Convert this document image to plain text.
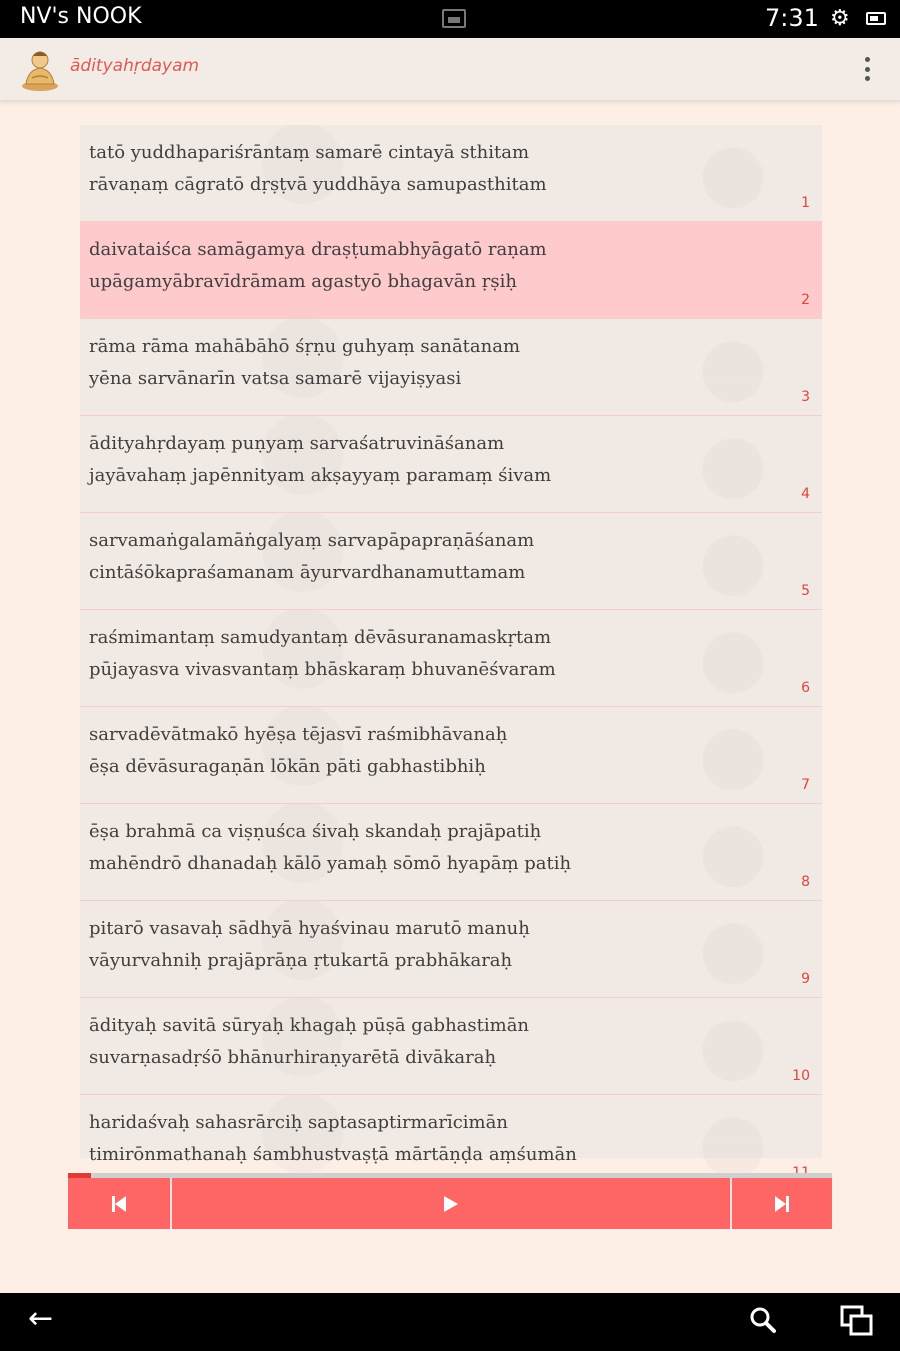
NV's NOOK	7:31 ⚙
ādityahṛdayam
tatō yuddhapariśrāntaṃ samarē cintayā sthitam
rāvaṇaṃ cāgratō dṛṣṭvā yuddhāya samupasthitam
1
daivataiśca samāgamya draṣṭumabhyāgatō raṇam
upāgamyābravīdrāmam agastyō bhagavān ṛṣiḥ
2
rāma rāma mahābāhō śṛṇu guhyaṃ sanātanam
yēna sarvānarīn vatsa samarē vijayiṣyasi
3
ādityahṛdayaṃ puṇyaṃ sarvaśatruvināśanam
jayāvahaṃ japēnnityam akṣayyaṃ paramaṃ śivam
4
sarvamaṅgalamāṅgalyaṃ sarvapāpapraṇāśanam
cintāśōkapraśamanam āyurvardhanamuttamam
5
raśmimantaṃ samudyantaṃ dēvāsuranamaskṛtam
pūjayasva vivasvantaṃ bhāskaraṃ bhuvanēśvaram
6
sarvadēvātmakō hyēṣa tējasvī raśmibhāvanaḥ
ēṣa dēvāsuragaṇān lōkān pāti gabhastibhiḥ
7
ēṣa brahmā ca viṣṇuśca śivaḥ skandaḥ prajāpatiḥ
mahēndrō dhanadaḥ kālō yamaḥ sōmō hyapāṃ patiḥ
8
pitarō vasavaḥ sādhyā hyaśvinau marutō manuḥ
vāyurvahniḥ prajāprāṇa ṛtukartā prabhākaraḥ
9
ādityaḥ savitā sūryaḥ khagaḥ pūṣā gabhastimān
suvarṇasadṛśō bhānurhiraṇyarētā divākaraḥ
10
haridaśvaḥ sahasrārciḥ saptasaptirmarīcimān
timirōnmathanaḥ śambhustvaṣṭā mārtāṇḍa aṃśumān
←
